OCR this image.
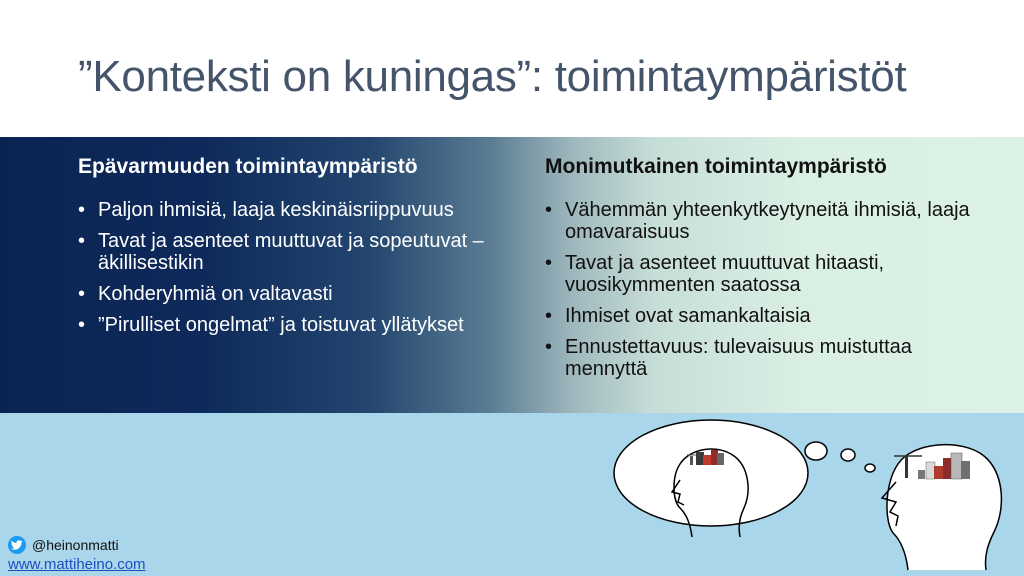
”Konteksti on kuningas”: toimintaympäristöt
Epävarmuuden toimintaympäristö
• Paljon ihmisiä, laaja keskinäisriippuvuus
• Tavat ja asenteet muuttuvat ja sopeutuvat – äkillisestikin
• Kohderyhmiä on valtavasti
• ”Pirulliset ongelmat” ja toistuvat yllätykset
Monimutkainen toimintaympäristö
• Vähemmän yhteenkytkeytyneitä ihmisiä, laaja omavaraisuus
• Tavat ja asenteet muuttuvat hitaasti, vuosikymmenten saatossa
• Ihmiset ovat samankaltaisia
• Ennustettavuus: tulevaisuus muistuttaa mennyttä
@heinonmatti
www.mattiheino.com
